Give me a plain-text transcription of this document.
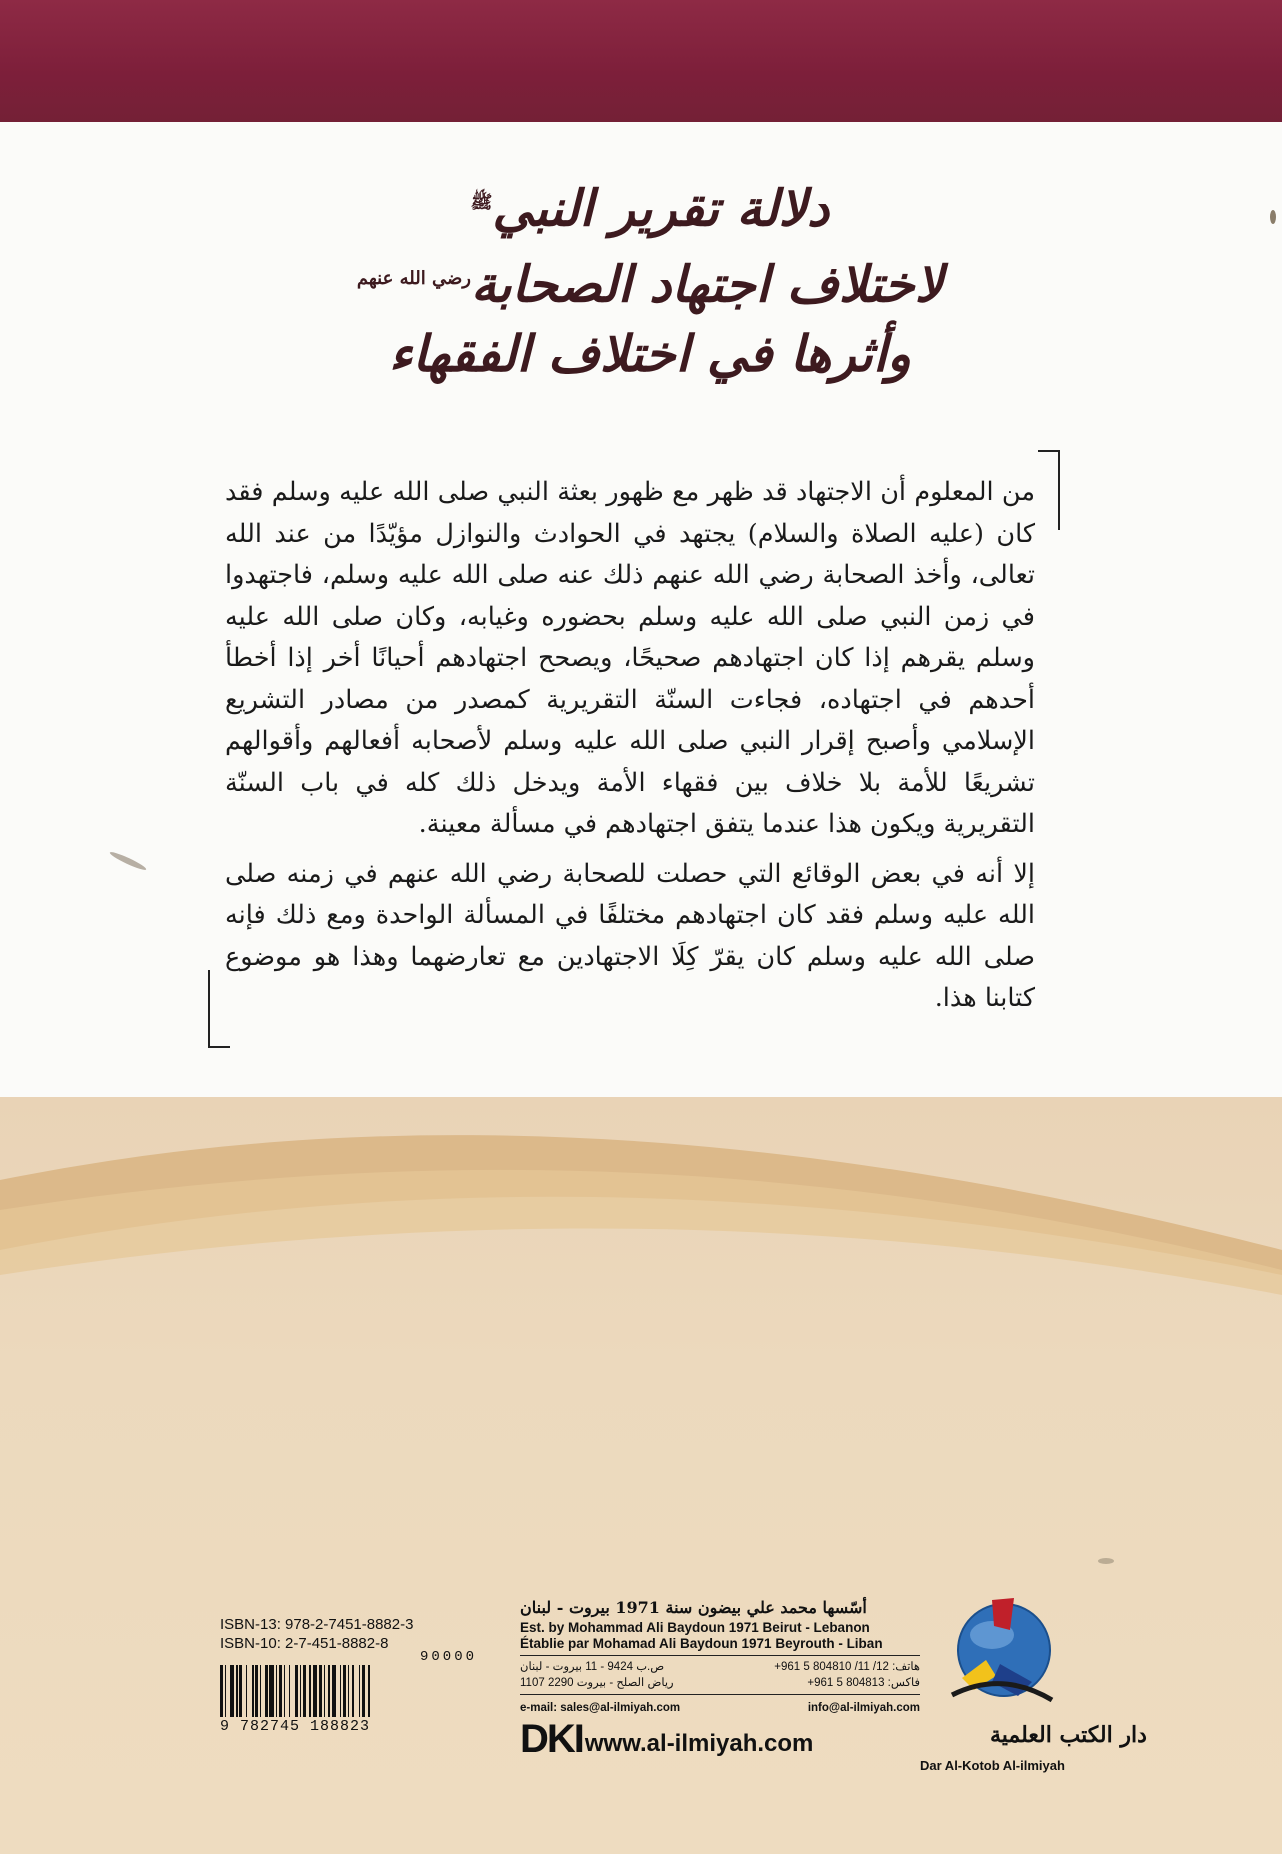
دلالة تقرير النبي$^ﷺ$
لاختلاف اجتهاد الصحابة$^{رضي الله عنهم}$
وأثرها في اختلاف الفقهاء

من المعلوم أن الاجتهاد قد ظهر مع ظهور بعثة النبي صلى الله عليه وسلم فقد كان (عليه الصلاة والسلام) يجتهد في الحوادث والنوازل مؤيّدًا من عند الله تعالى، وأخذ الصحابة رضي الله عنهم ذلك عنه صلى الله عليه وسلم، فاجتهدوا في زمن النبي صلى الله عليه وسلم بحضوره وغيابه، وكان صلى الله عليه وسلم يقرهم إذا كان اجتهادهم صحيحًا، ويصحح اجتهادهم أحيانًا أخر إذا أخطأ أحدهم في اجتهاده، فجاءت السنّة التقريرية كمصدر من مصادر التشريع الإسلامي وأصبح إقرار النبي صلى الله عليه وسلم لأصحابه أفعالهم وأقوالهم تشريعًا للأمة بلا خلاف بين فقهاء الأمة ويدخل ذلك كله في باب السنّة التقريرية ويكون هذا عندما يتفق اجتهادهم في مسألة معينة.

إلا أنه في بعض الوقائع التي حصلت للصحابة رضي الله عنهم في زمنه صلى الله عليه وسلم فقد كان اجتهادهم مختلفًا في المسألة الواحدة ومع ذلك فإنه صلى الله عليه وسلم كان يقرّ كِلَا الاجتهادين مع تعارضهما وهذا هو موضوع كتابنا هذا.

ISBN-13: 978-2-7451-8882-3

ISBN-10: 2-7-451-8882-8

90000
9 782745 188823
أسّسها محمد علي بيضون سنة 1971 بيروت - لبنان
Est. by Mohammad Ali Baydoun 1971 Beirut - Lebanon
Établie par Mohamad Ali Baydoun 1971 Beyrouth - Liban
ص.ب 9424 - 11 بيروت - لبنان	هاتف: 12/ 11/ 804810 5 961+
رياض الصلح - بيروت 2290 1107	فاكس: 804813 5 961+
e-mail: sales@al-ilmiyah.com	info@al-ilmiyah.com
DKI www.al-ilmiyah.com	دار الكتب العلمية
Dar Al-Kotob Al-ilmiyah
